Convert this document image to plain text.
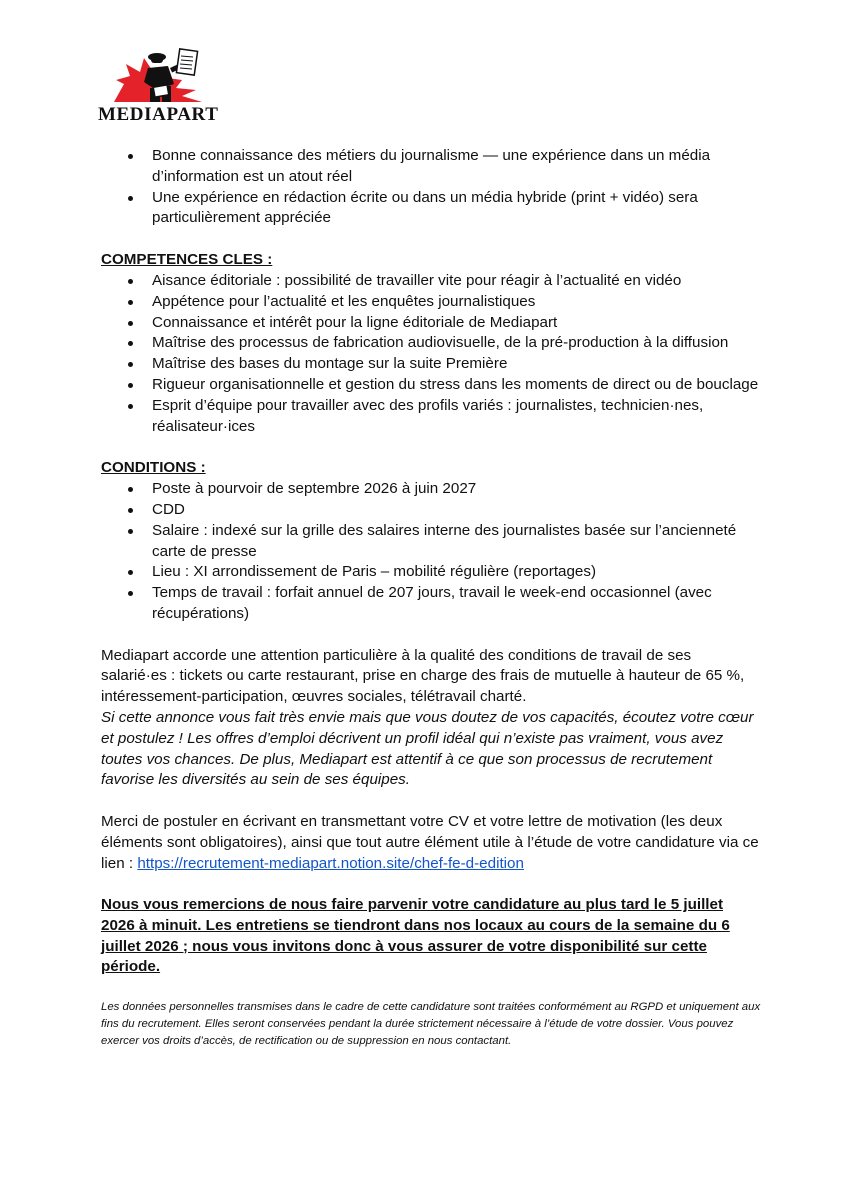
MEDIAPART
Bonne connaissance des métiers du journalisme — une expérience dans un média d’information est un atout réel
Une expérience en rédaction écrite ou dans un média hybride (print + vidéo) sera particulièrement appréciée
COMPETENCES CLES :
Aisance éditoriale : possibilité de travailler vite pour réagir à l’actualité en vidéo
Appétence pour l’actualité et les enquêtes journalistiques
Connaissance et intérêt pour la ligne éditoriale de Mediapart
Maîtrise des processus de fabrication audiovisuelle, de la pré-production à la diffusion
Maîtrise des bases du montage sur la suite Première
Rigueur organisationnelle et gestion du stress dans les moments de direct ou de bouclage
Esprit d’équipe pour travailler avec des profils variés : journalistes, technicien·nes, réalisateur·ices
CONDITIONS :
Poste à pourvoir de septembre 2026 à juin 2027
CDD
Salaire : indexé sur la grille des salaires interne des journalistes basée sur l’ancienneté carte de presse
Lieu : XI arrondissement de Paris – mobilité régulière (reportages)
Temps de travail : forfait annuel de 207 jours, travail le week-end occasionnel (avec récupérations)

Mediapart accorde une attention particulière à la qualité des conditions de travail de ses salarié·es : tickets ou carte restaurant, prise en charge des frais de mutuelle à hauteur de 65 %, intéressement-participation, œuvres sociales, télétravail charté.

Si cette annonce vous fait très envie mais que vous doutez de vos capacités, écoutez votre cœur et postulez ! Les offres d’emploi décrivent un profil idéal qui n’existe pas vraiment, vous avez toutes vos chances. De plus, Mediapart est attentif à ce que son processus de recrutement favorise les diversités au sein de ses équipes.

Merci de postuler en écrivant en transmettant votre CV et votre lettre de motivation (les deux éléments sont obligatoires), ainsi que tout autre élément utile à l’étude de votre candidature via ce lien : https://recrutement-mediapart.notion.site/chef-fe-d-edition

Nous vous remercions de nous faire parvenir votre candidature au plus tard le 5 juillet 2026 à minuit. Les entretiens se tiendront dans nos locaux au cours de la semaine du 6 juillet 2026 ; nous vous invitons donc à vous assurer de votre disponibilité sur cette période.

Les données personnelles transmises dans le cadre de cette candidature sont traitées conformément au RGPD et uniquement aux fins du recrutement. Elles seront conservées pendant la durée strictement nécessaire à l’étude de votre dossier. Vous pouvez exercer vos droits d’accès, de rectification ou de suppression en nous contactant.
